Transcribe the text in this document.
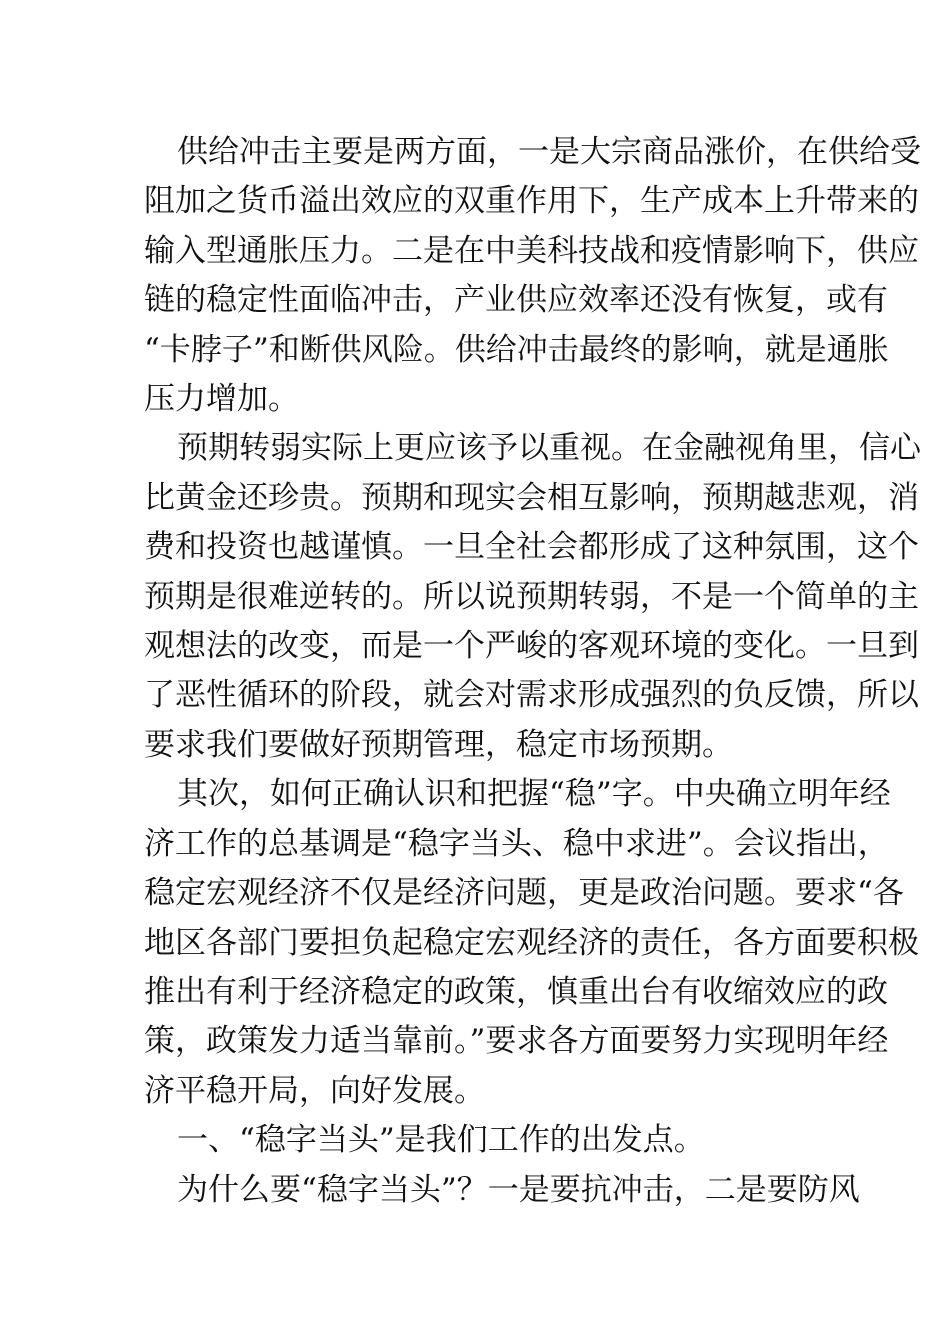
供给冲击主要是两方面，一是大宗商品涨价，在供给受
阻加之货币溢出效应的双重作用下，生产成本上升带来的
输入型通胀压力。二是在中美科技战和疫情影响下，供应
链的稳定性面临冲击，产业供应效率还没有恢复，或有
“卡脖子”和断供风险。供给冲击最终的影响，就是通胀
压力增加。

预期转弱实际上更应该予以重视。在金融视角里，信心
比黄金还珍贵。预期和现实会相互影响，预期越悲观，消
费和投资也越谨慎。一旦全社会都形成了这种氛围，这个
预期是很难逆转的。所以说预期转弱，不是一个简单的主
观想法的改变，而是一个严峻的客观环境的变化。一旦到
了恶性循环的阶段，就会对需求形成强烈的负反馈，所以
要求我们要做好预期管理，稳定市场预期。

其次，如何正确认识和把握“稳”字。中央确立明年经
济工作的总基调是“稳字当头、稳中求进”。会议指出，
稳定宏观经济不仅是经济问题，更是政治问题。要求“各
地区各部门要担负起稳定宏观经济的责任，各方面要积极
推出有利于经济稳定的政策，慎重出台有收缩效应的政
策，政策发力适当靠前。”要求各方面要努力实现明年经
济平稳开局，向好发展。

一、“稳字当头”是我们工作的出发点。

为什么要“稳字当头”？一是要抗冲击，二是要防风
